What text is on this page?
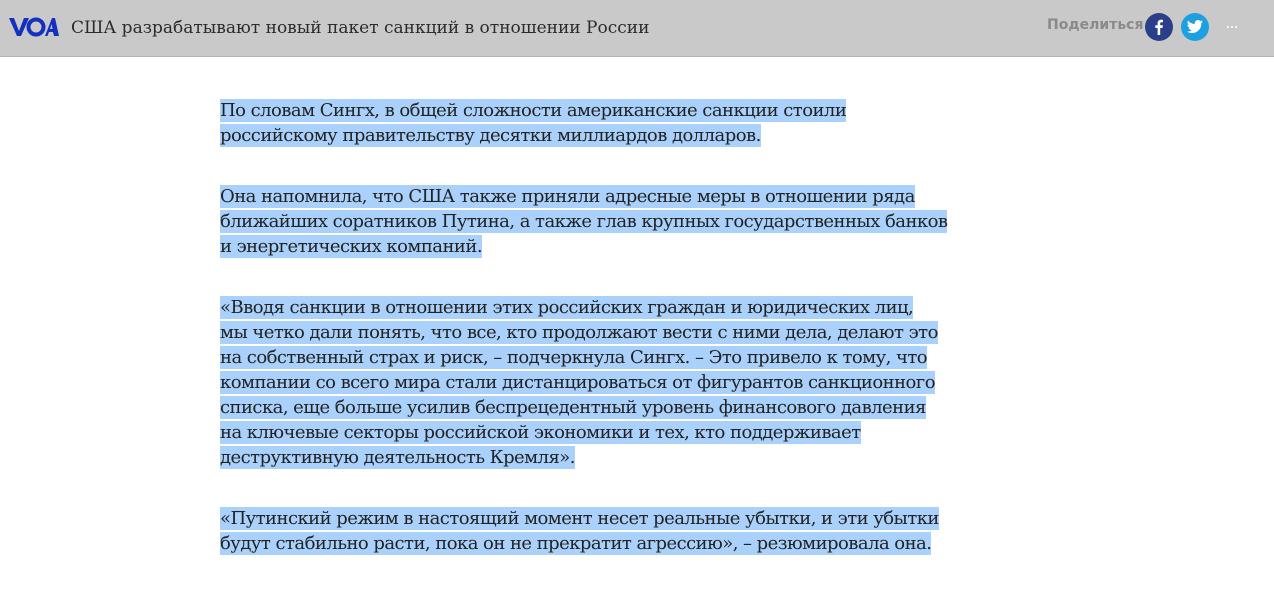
США разрабатывают новый пакет санкций в отношении России	Поделиться

По словам Сингх, в общей сложности американские санкции стоили
российскому правительству десятки миллиардов долларов.

Она напомнила, что США также приняли адресные меры в отношении ряда
ближайших соратников Путина, а также глав крупных государственных банков
и энергетических компаний.

«Вводя санкции в отношении этих российских граждан и юридических лиц,
мы четко дали понять, что все, кто продолжают вести с ними дела, делают это
на собственный страх и риск, – подчеркнула Сингх. – Это привело к тому, что
компании со всего мира стали дистанцироваться от фигурантов санкционного
списка, еще больше усилив беспрецедентный уровень финансового давления
на ключевые секторы российской экономики и тех, кто поддерживает
деструктивную деятельность Кремля».

«Путинский режим в настоящий момент несет реальные убытки, и эти убытки
будут стабильно расти, пока он не прекратит агрессию», – резюмировала она.
